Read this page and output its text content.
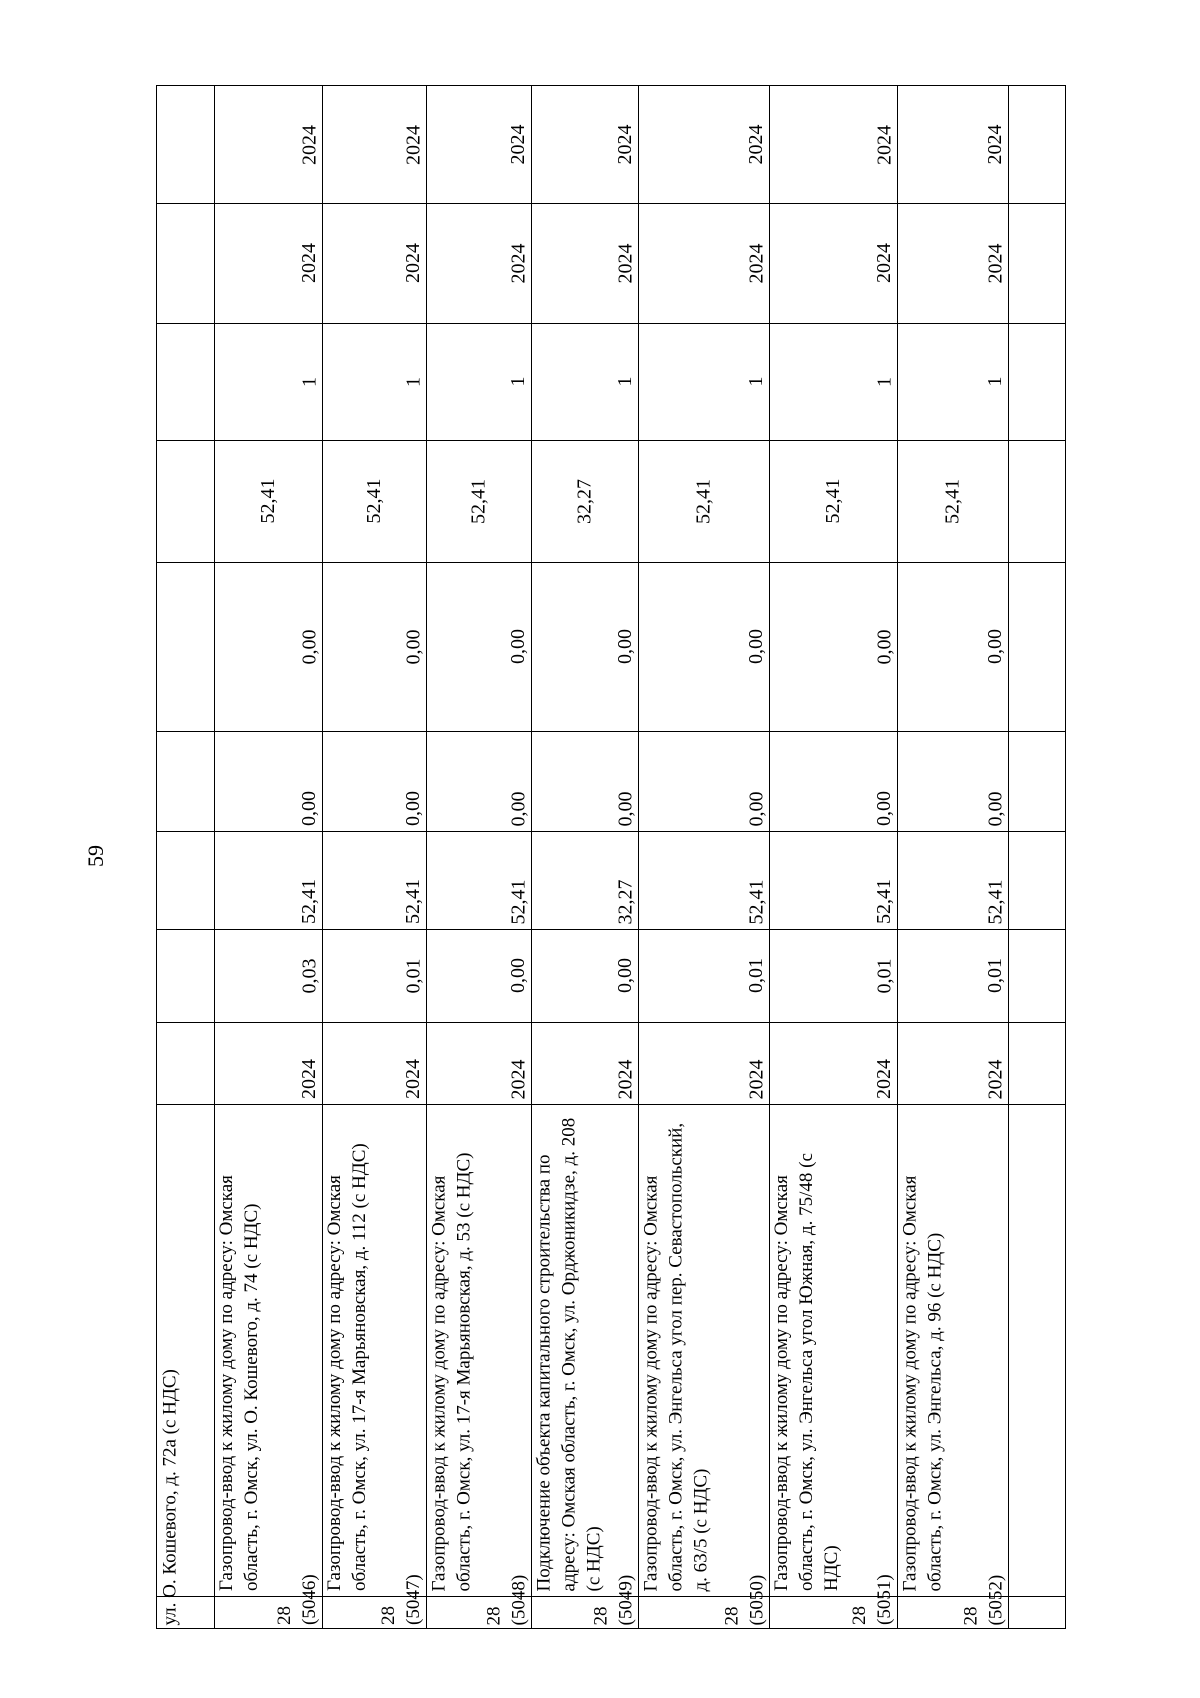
59
ул. О. Кошевого, д. 72а (с НДС)
2024
2024
1
52,41
0,00
0,00
52,41
0,03
2024
2024
2024
1
52,41
0,00
0,00
52,41
0,01
2024
2024
2024
1
52,41
0,00
0,00
52,41
0,00
2024
2024
2024
1
32,27
0,00
0,00
32,27
0,00
2024
2024
2024
1
52,41
0,00
0,00
52,41
0,01
2024
2024
2024
1
52,41
0,00
0,00
52,41
0,01
2024
2024
2024
1
52,41
0,00
0,00
52,41
0,01
2024
Газопровод-ввод к жилому дому по адресу: Омская область, г. Омск, ул. О. Кошевого, д. 74 (с НДС)
28 (5046)
Газопровод-ввод к жилому дому по адресу: Омская область, г. Омск, ул. 17-я Марьяновская, д. 112 (с НДС)
28 (5047)
Газопровод-ввод к жилому дому по адресу: Омская область, г. Омск, ул. 17-я Марьяновская, д. 53 (с НДС)
28 (5048)
Подключение объекта капитального строительства по адресу: Омская область, г. Омск, ул. Орджоникидзе, д. 208 (с НДС)
28 (5049)
Газопровод-ввод к жилому дому по адресу: Омская область, г. Омск, ул. Энгельса угол пер. Севастопольский, д. 63/5 (с НДС)
28 (5050)
Газопровод-ввод к жилому дому по адресу: Омская область, г. Омск, ул. Энгельса угол Южная, д. 75/48 (с НДС)
28 (5051)
Газопровод-ввод к жилому дому по адресу: Омская область, г. Омск, ул. Энгельса, д. 96 (с НДС)
28 (5052)
